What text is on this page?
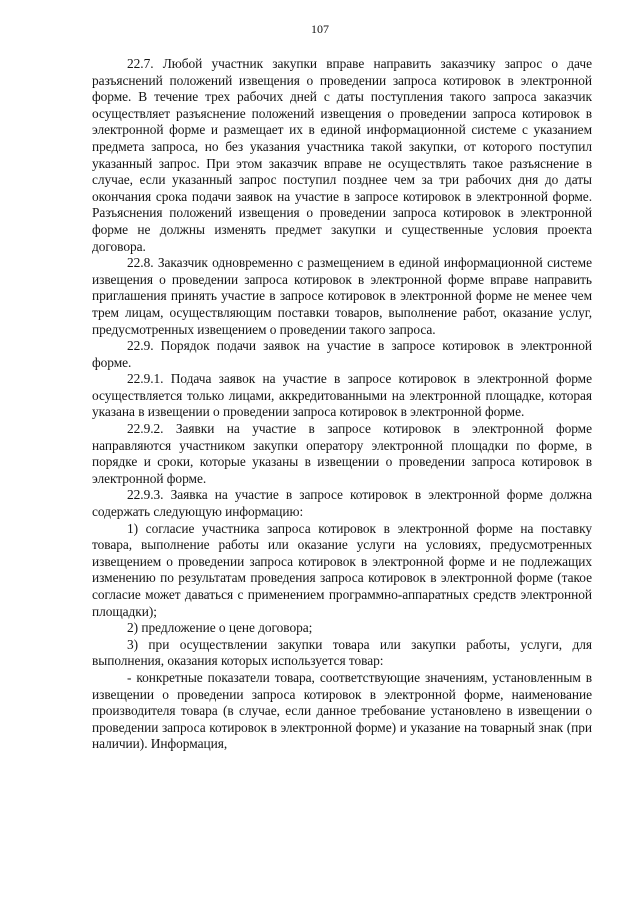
107

22.7. Любой участник закупки вправе направить заказчику запрос о даче разъяснений положений извещения о проведении запроса котировок в электронной форме. В течение трех рабочих дней с даты поступления такого запроса заказчик осуществляет разъяснение положений извещения о проведении запроса котировок в электронной форме и размещает их в единой информационной системе с указанием предмета запроса, но без указания участника такой закупки, от которого поступил указанный запрос. При этом заказчик вправе не осуществлять такое разъяснение в случае, если указанный запрос поступил позднее чем за три рабочих дня до даты окончания срока подачи заявок на участие в запросе котировок в электронной форме. Разъяснения положений извещения о проведении запроса котировок в электронной форме не должны изменять предмет закупки и существенные условия проекта договора.

22.8. Заказчик одновременно с размещением в единой информационной системе извещения о проведении запроса котировок в электронной форме вправе направить приглашения принять участие в запросе котировок в электронной форме не менее чем трем лицам, осуществляющим поставки товаров, выполнение работ, оказание услуг, предусмотренных извещением о проведении такого запроса.

22.9. Порядок подачи заявок на участие в запросе котировок в электронной форме.

22.9.1. Подача заявок на участие в запросе котировок в электронной форме осуществляется только лицами, аккредитованными на электронной площадке, которая указана в извещении о проведении запроса котировок в электронной форме.

22.9.2. Заявки на участие в запросе котировок в электронной форме направляются участником закупки оператору электронной площадки по форме, в порядке и сроки, которые указаны в извещении о проведении запроса котировок в электронной форме.

22.9.3. Заявка на участие в запросе котировок в электронной форме должна содержать следующую информацию:

1) согласие участника запроса котировок в электронной форме на поставку товара, выполнение работы или оказание услуги на условиях, предусмотренных извещением о проведении запроса котировок в электронной форме и не подлежащих изменению по результатам проведения запроса котировок в электронной форме (такое согласие может даваться с применением программно-аппаратных средств электронной площадки);

2) предложение о цене договора;

3) при осуществлении закупки товара или закупки работы, услуги, для выполнения, оказания которых используется товар:

- конкретные показатели товара, соответствующие значениям, установленным в извещении о проведении запроса котировок в электронной форме, наименование производителя товара (в случае, если данное требование установлено в извещении о проведении запроса котировок в электронной форме) и указание на товарный знак (при наличии). Информация,
